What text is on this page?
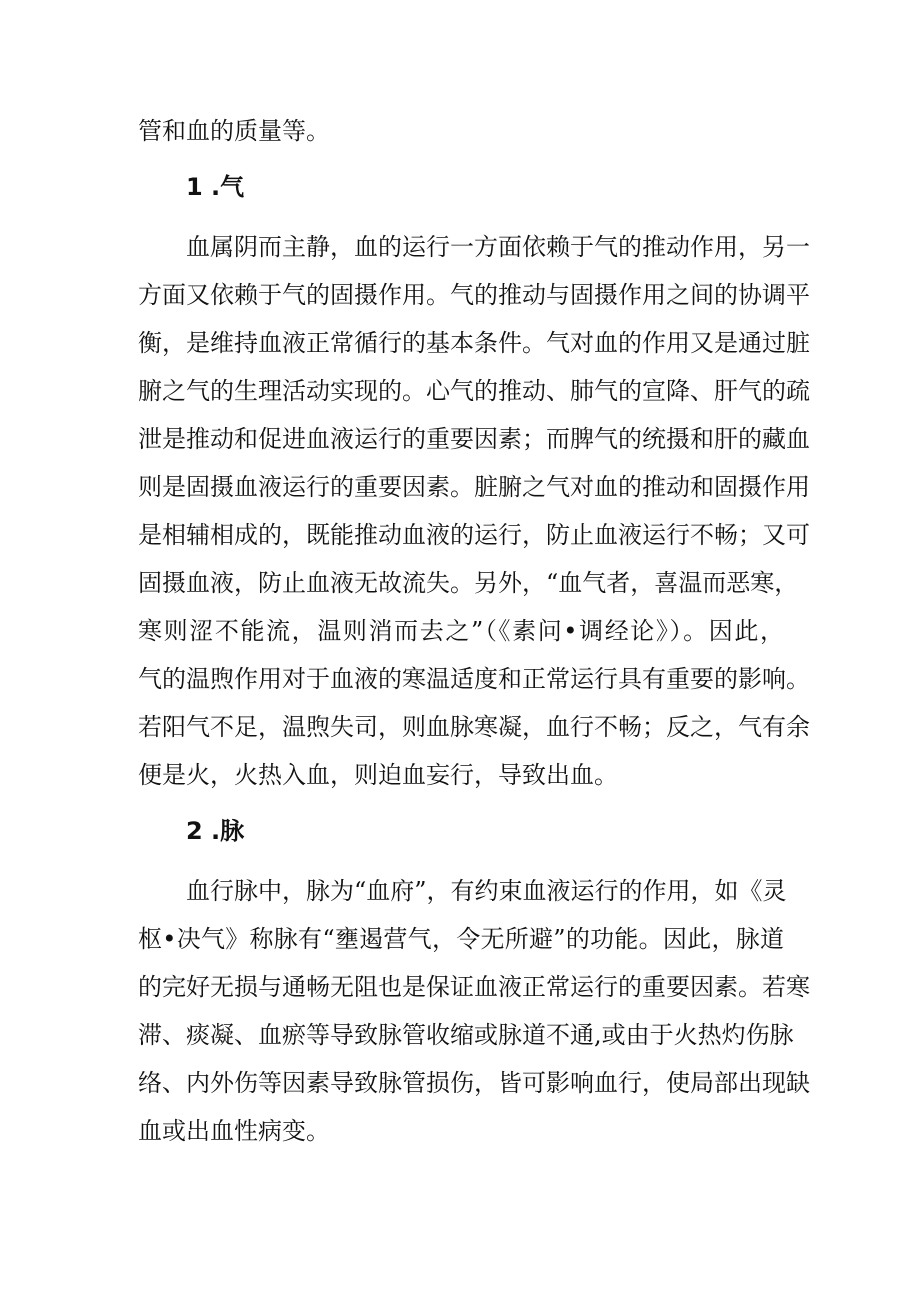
管和血的质量等。
1 .气
血属阴而主静，血的运行一方面依赖于气的推动作用，另一
方面又依赖于气的固摄作用。气的推动与固摄作用之间的协调平
衡，是维持血液正常循行的基本条件。气对血的作用又是通过脏
腑之气的生理活动实现的。心气的推动、肺气的宣降、肝气的疏
泄是推动和促进血液运行的重要因素；而脾气的统摄和肝的藏血
则是固摄血液运行的重要因素。脏腑之气对血的推动和固摄作用
是相辅相成的，既能推动血液的运行，防止血液运行不畅；又可
固摄血液，防止血液无故流失。另外，“血气者，喜温而恶寒，
寒则涩不能流，温则消而去之”（《素问•调经论》）。因此，
气的温煦作用对于血液的寒温适度和正常运行具有重要的影响。
若阳气不足，温煦失司，则血脉寒凝，血行不畅；反之，气有余
便是火，火热入血，则迫血妄行，导致出血。
2 .脉
血行脉中，脉为“血府”，有约束血液运行的作用，如《灵
枢•决气》称脉有“壅遏营气，令无所避”的功能。因此，脉道
的完好无损与通畅无阻也是保证血液正常运行的重要因素。若寒
滞、痰凝、血瘀等导致脉管收缩或脉道不通,或由于火热灼伤脉
络、内外伤等因素导致脉管损伤，皆可影响血行，使局部出现缺
血或出血性病变。
